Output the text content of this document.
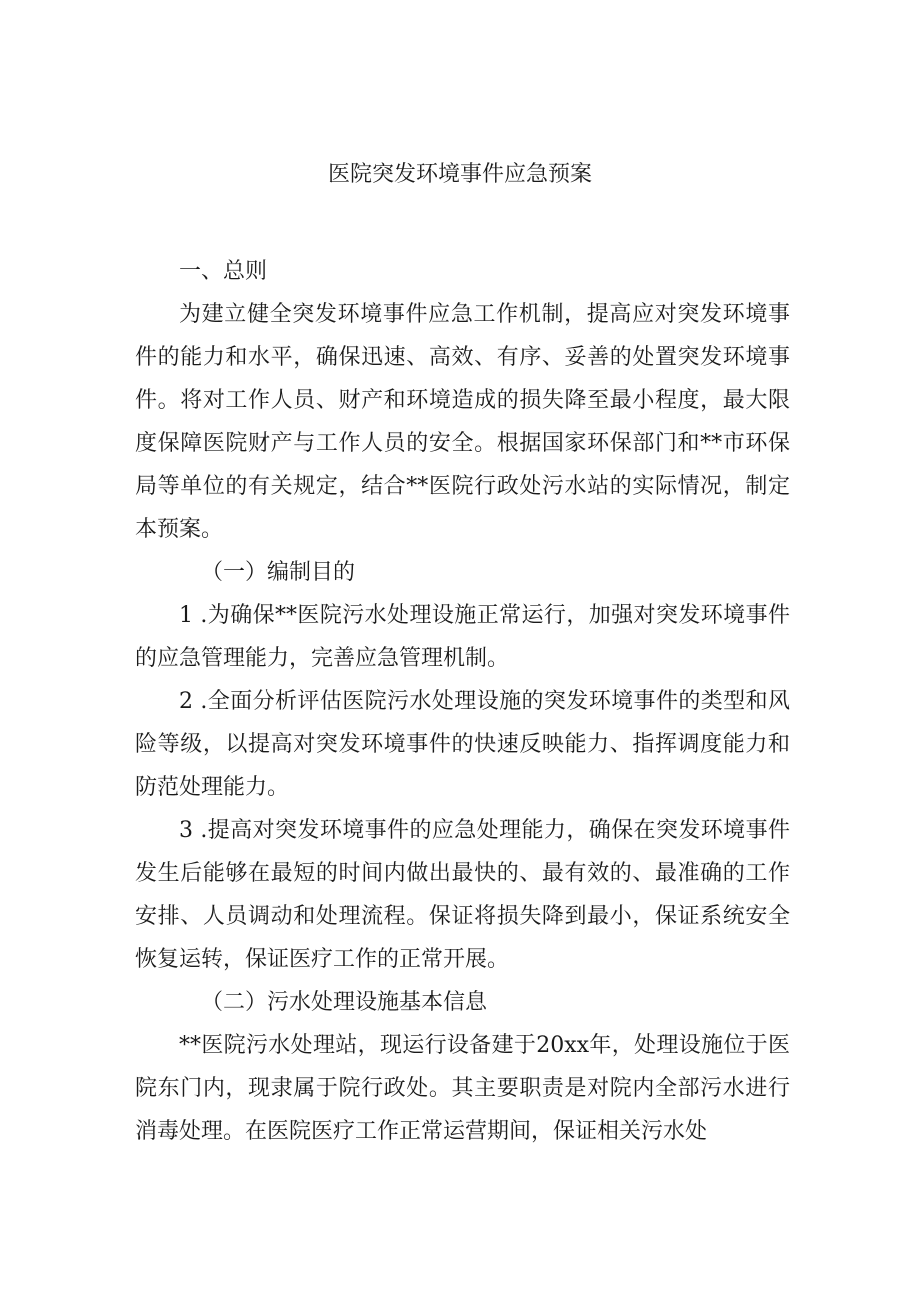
医院突发环境事件应急预案

一、总则

为建立健全突发环境事件应急工作机制，提高应对突发环境事件的能力和水平，确保迅速、高效、有序、妥善的处置突发环境事件。将对工作人员、财产和环境造成的损失降至最小程度，最大限度保障医院财产与工作人员的安全。根据国家环保部门和**市环保局等单位的有关规定，结合**医院行政处污水站的实际情况，制定本预案。

（一）编制目的

1 .为确保**医院污水处理设施正常运行，加强对突发环境事件的应急管理能力，完善应急管理机制。

2 .全面分析评估医院污水处理设施的突发环境事件的类型和风险等级，以提高对突发环境事件的快速反映能力、指挥调度能力和防范处理能力。

3 .提高对突发环境事件的应急处理能力，确保在突发环境事件发生后能够在最短的时间内做出最快的、最有效的、最准确的工作安排、人员调动和处理流程。保证将损失降到最小，保证系统安全恢复运转，保证医疗工作的正常开展。

（二）污水处理设施基本信息

**医院污水处理站，现运行设备建于20xx年，处理设施位于医院东门内，现隶属于院行政处。其主要职责是对院内全部污水进行消毒处理。在医院医疗工作正常运营期间，保证相关污水处
